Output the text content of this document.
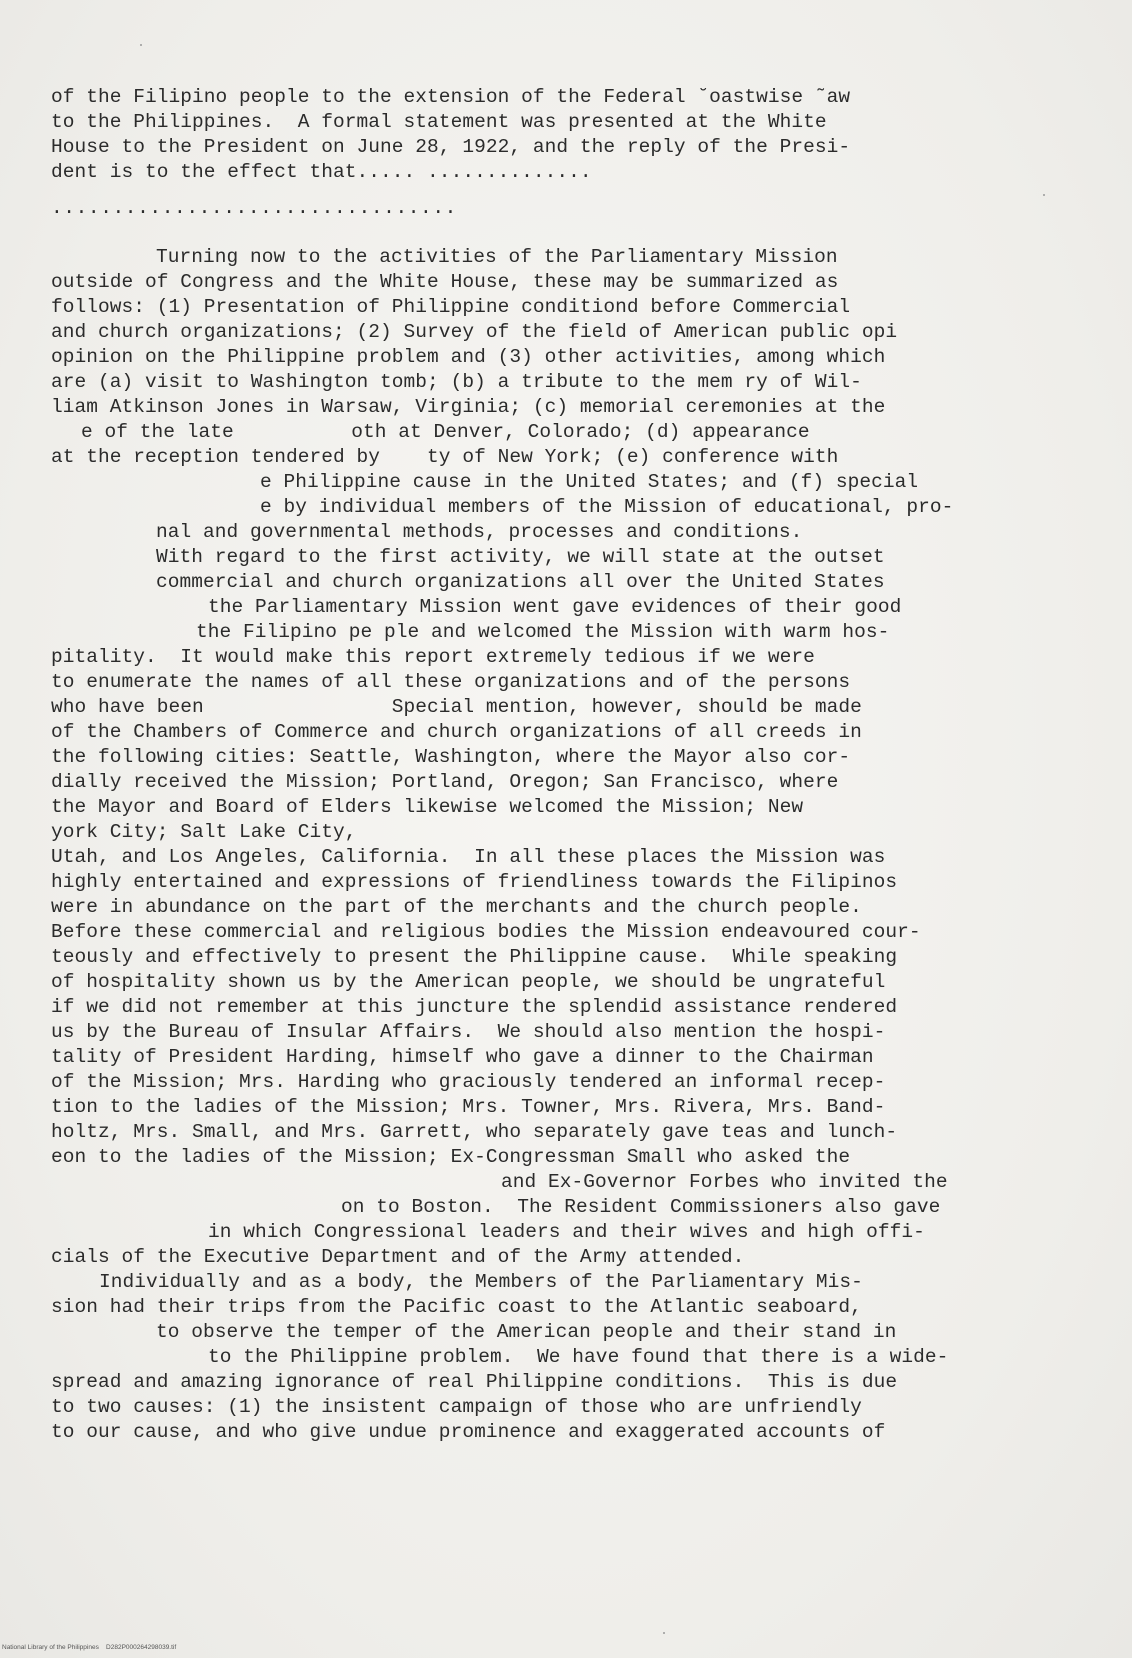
of the Filipino people to the extension of the Federal ˘oastwise ˜aw
to the Philippines.  A formal statement was presented at the White
House to the President on June 28, 1922, and the reply of the Presi-
dent is to the effect that..... ..............
.................................
Turning now to the activities of the Parliamentary Mission
outside of Congress and the White House, these may be summarized as
follows: (1) Presentation of Philippine conditiond before Commercial
and church organizations; (2) Survey of the field of American public opi
opinion on the Philippine problem and (3) other activities, among which
are (a) visit to Washington tomb; (b) a tribute to the mem ry of Wil-
liam Atkinson Jones in Warsaw, Virginia; (c) memorial ceremonies at the
e of the late          oth at Denver, Colorado; (d) appearance
at the reception tendered by    ty of New York; (e) conference with
e Philippine cause in the United States; and (f) special
e by individual members of the Mission of educational, pro-
nal and governmental methods, processes and conditions.
With regard to the first activity, we will state at the outset
commercial and church organizations all over the United States
the Parliamentary Mission went gave evidences of their good
the Filipino pe ple and welcomed the Mission with warm hos-
pitality.  It would make this report extremely tedious if we were
to enumerate the names of all these organizations and of the persons
who have been                Special mention, however, should be made
of the Chambers of Commerce and church organizations of all creeds in
the following cities: Seattle, Washington, where the Mayor also cor-
dially received the Mission; Portland, Oregon; San Francisco, where
the Mayor and Board of Elders likewise welcomed the Mission; New
york City; Salt Lake City,
Utah, and Los Angeles, California.  In all these places the Mission was
highly entertained and expressions of friendliness towards the Filipinos
were in abundance on the part of the merchants and the church people.
Before these commercial and religious bodies the Mission endeavoured cour-
teously and effectively to present the Philippine cause.  While speaking
of hospitality shown us by the American people, we should be ungrateful
if we did not remember at this juncture the splendid assistance rendered
us by the Bureau of Insular Affairs.  We should also mention the hospi-
tality of President Harding, himself who gave a dinner to the Chairman
of the Mission; Mrs. Harding who graciously tendered an informal recep-
tion to the ladies of the Mission; Mrs. Towner, Mrs. Rivera, Mrs. Band-
holtz, Mrs. Small, and Mrs. Garrett, who separately gave teas and lunch-
eon to the ladies of the Mission; Ex-Congressman Small who asked the
and Ex-Governor Forbes who invited the
on to Boston.  The Resident Commissioners also gave
in which Congressional leaders and their wives and high offi-
cials of the Executive Department and of the Army attended.
Individually and as a body, the Members of the Parliamentary Mis-
sion had their trips from the Pacific coast to the Atlantic seaboard,
to observe the temper of the American people and their stand in
to the Philippine problem.  We have found that there is a wide-
spread and amazing ignorance of real Philippine conditions.  This is due
to two causes: (1) the insistent campaign of those who are unfriendly
to our cause, and who give undue prominence and exaggerated accounts of
National Library of the Philippines    D282P000264298039.tif
